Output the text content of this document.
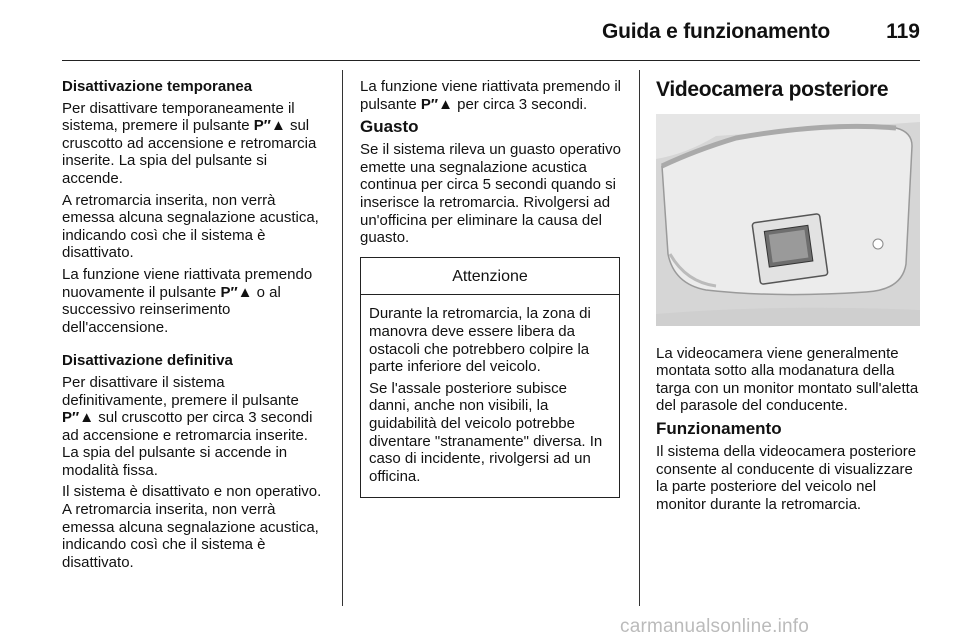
Guida e funzionamento	119

Disattivazione temporanea

Per disattivare temporaneamente il sistema, premere il pulsante P″▲ sul cruscotto ad accensione e retromarcia inserite. La spia del pulsante si accende.

A retromarcia inserita, non verrà emessa alcuna segnalazione acustica, indicando così che il sistema è disattivato.

La funzione viene riattivata premendo nuovamente il pulsante P″▲ o al successivo reinserimento dell'accensione.

Disattivazione definitiva

Per disattivare il sistema definitivamente, premere il pulsante P″▲ sul cruscotto per circa 3 secondi ad accensione e retromarcia inserite. La spia del pulsante si accende in modalità fissa.

Il sistema è disattivato e non operativo. A retromarcia inserita, non verrà emessa alcuna segnalazione acustica, indicando così che il sistema è disattivato.

La funzione viene riattivata premendo il pulsante P″▲ per circa 3 secondi.

Guasto

Se il sistema rileva un guasto operativo emette una segnalazione acustica continua per circa 5 secondi quando si inserisce la retromarcia. Rivolgersi ad un'officina per eliminare la causa del guasto.

Attenzione

Durante la retromarcia, la zona di manovra deve essere libera da ostacoli che potrebbero colpire la parte inferiore del veicolo.

Se l'assale posteriore subisce danni, anche non visibili, la guidabilità del veicolo potrebbe diventare "stranamente" diversa. In caso di incidente, rivolgersi ad un officina.

Videocamera posteriore

La videocamera viene generalmente montata sotto alla modanatura della targa con un monitor montato sull'aletta del parasole del conducente.

Funzionamento

Il sistema della videocamera posteriore consente al conducente di visualizzare la parte posteriore del veicolo nel monitor durante la retromarcia.

carmanualsonline.info
